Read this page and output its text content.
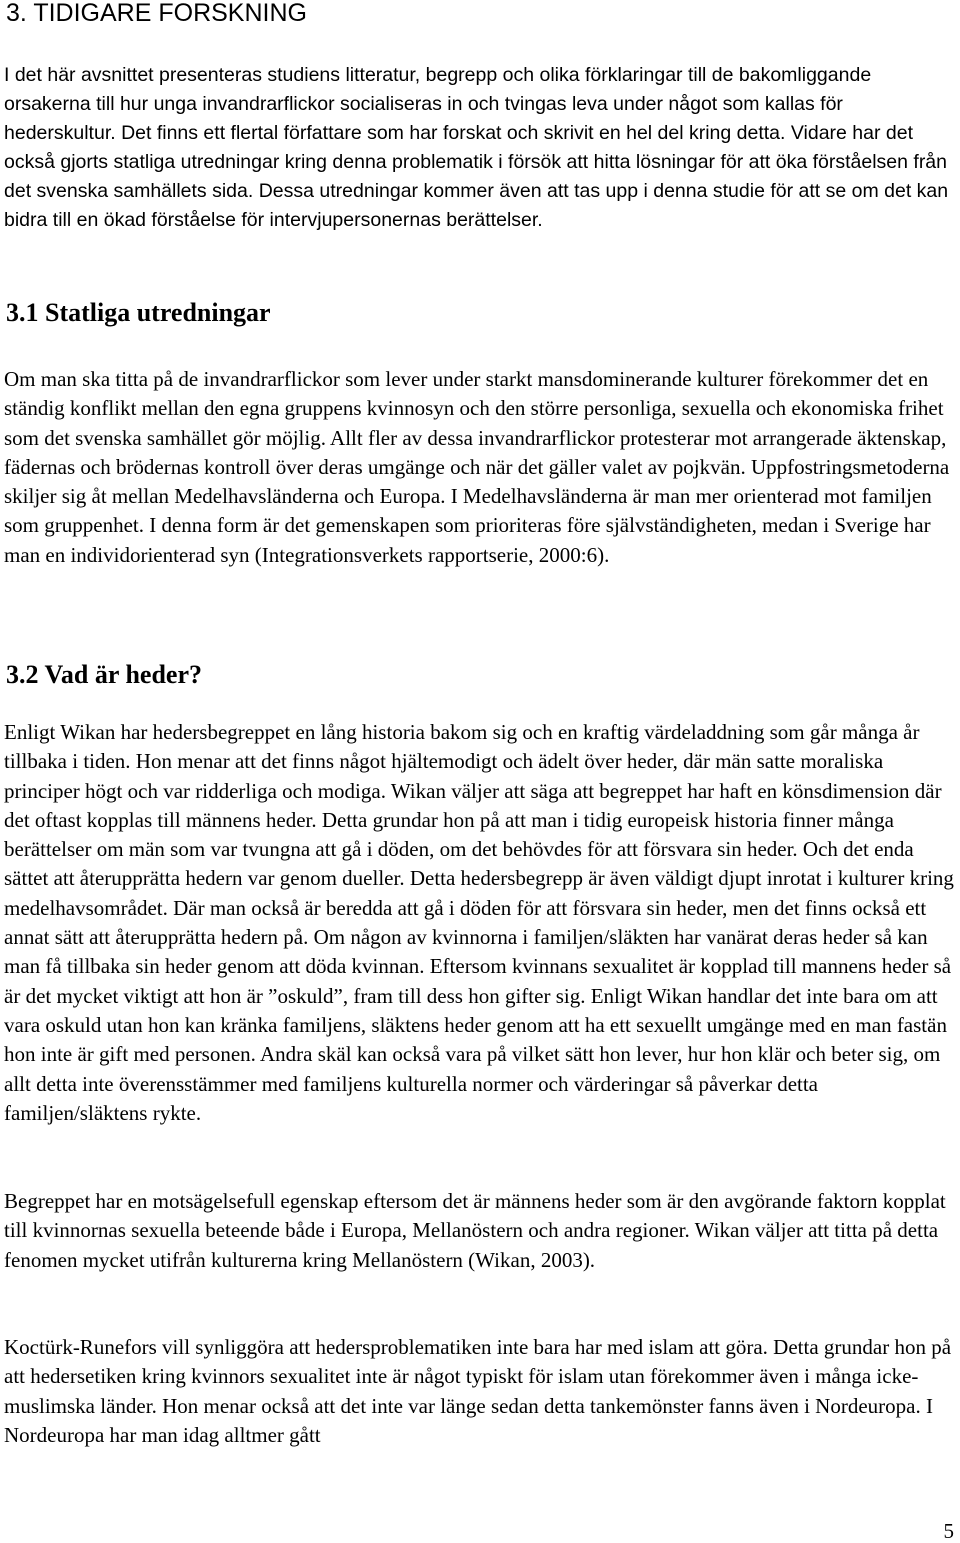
3. TIDIGARE FORSKNING

I det här avsnittet presenteras studiens litteratur, begrepp och olika förklaringar till de bakomliggande orsakerna till hur unga invandrarflickor socialiseras in och tvingas leva under något som kallas för hederskultur. Det finns ett flertal författare som har forskat och skrivit en hel del kring detta. Vidare har det också gjorts statliga utredningar kring denna problematik i försök att hitta lösningar för att öka förståelsen från det svenska samhällets sida. Dessa utredningar kommer även att tas upp i denna studie för att se om det kan bidra till en ökad förståelse för intervjupersonernas berättelser.

3.1 Statliga utredningar

Om man ska titta på de invandrarflickor som lever under starkt mansdominerande kulturer förekommer det en ständig konflikt mellan den egna gruppens kvinnosyn och den större personliga, sexuella och ekonomiska frihet som det svenska samhället gör möjlig. Allt fler av dessa invandrarflickor protesterar mot arrangerade äktenskap, fädernas och brödernas kontroll över deras umgänge och när det gäller valet av pojkvän. Uppfostringsmetoderna skiljer sig åt mellan Medelhavsländerna och Europa. I Medelhavsländerna är man mer orienterad mot familjen som gruppenhet. I denna form är det gemenskapen som prioriteras före självständigheten, medan i Sverige har man en individorienterad syn (Integrationsverkets rapportserie, 2000:6).

3.2 Vad är heder?

Enligt Wikan har hedersbegreppet en lång historia bakom sig och en kraftig värdeladdning som går många år tillbaka i tiden. Hon menar att det finns något hjältemodigt och ädelt över heder, där män satte moraliska principer högt och var ridderliga och modiga. Wikan väljer att säga att begreppet har haft en könsdimension där det oftast kopplas till männens heder. Detta grundar hon på att man i tidig europeisk historia finner många berättelser om män som var tvungna att gå i döden, om det behövdes för att försvara sin heder. Och det enda sättet att återupprätta hedern var genom dueller. Detta hedersbegrepp är även väldigt djupt inrotat i kulturer kring medelhavsområdet. Där man också är beredda att gå i döden för att försvara sin heder, men det finns också ett annat sätt att återupprätta hedern på. Om någon av kvinnorna i familjen/släkten har vanärat deras heder så kan man få tillbaka sin heder genom att döda kvinnan. Eftersom kvinnans sexualitet är kopplad till mannens heder så är det mycket viktigt att hon är ”oskuld”, fram till dess hon gifter sig. Enligt Wikan handlar det inte bara om att vara oskuld utan hon kan kränka familjens, släktens heder genom att ha ett sexuellt umgänge med en man fastän hon inte är gift med personen. Andra skäl kan också vara på vilket sätt hon lever, hur hon klär och beter sig, om allt detta inte överensstämmer med familjens kulturella normer och värderingar så påverkar detta familjen/släktens rykte.

Begreppet har en motsägelsefull egenskap eftersom det är männens heder som är den avgörande faktorn kopplat till kvinnornas sexuella beteende både i Europa, Mellanöstern och andra regioner. Wikan väljer att titta på detta fenomen mycket utifrån kulturerna kring Mellanöstern (Wikan, 2003).

Koctürk-Runefors vill synliggöra att hedersproblematiken inte bara har med islam att göra. Detta grundar hon på att hedersetiken kring kvinnors sexualitet inte är något typiskt för islam utan förekommer även i många icke-muslimska länder. Hon menar också att det inte var länge sedan detta tankemönster fanns även i Nordeuropa. I Nordeuropa har man idag alltmer gått

5
